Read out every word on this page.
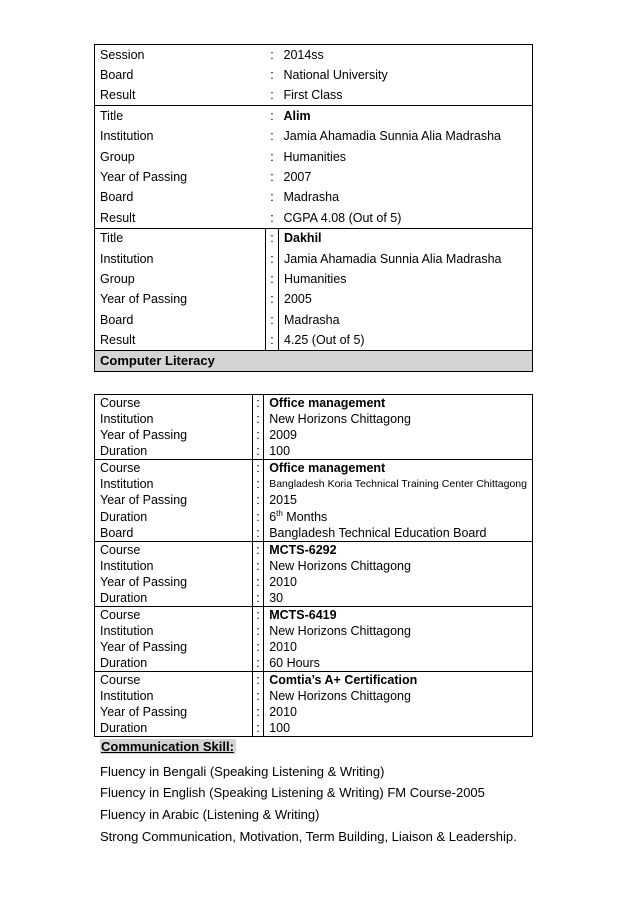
Session	:	2014ss
Board	:	National University
Result	:	First Class
Title	:	Alim
Institution	:	Jamia Ahamadia Sunnia Alia Madrasha
Group	:	Humanities
Year of Passing	:	2007
Board	:	Madrasha
Result	:	CGPA 4.08 (Out of 5)
Title	:	Dakhil
Institution	:	Jamia Ahamadia Sunnia Alia Madrasha
Group	:	Humanities
Year of Passing	:	2005
Board	:	Madrasha
Result	:	4.25 (Out of 5)
Computer Literacy		
Course	:	Office management
Institution	:	New Horizons Chittagong
Year of Passing	:	2009
Duration	:	100
Course	:	Office management
Institution	:	Bangladesh Koria Technical Training Center Chittagong
Year of Passing	:	2015
Duration	:	6th Months
Board	:	Bangladesh Technical Education Board
Course	:	MCTS-6292
Institution	:	New Horizons Chittagong
Year of Passing	:	2010
Duration	:	30
Course	:	MCTS-6419
Institution	:	New Horizons Chittagong
Year of Passing	:	2010
Duration	:	60 Hours
Course	:	Comtia’s A+ Certification
Institution	:	New Horizons Chittagong
Year of Passing	:	2010
Duration	:	100
Communication Skill:
Fluency in Bengali (Speaking Listening & Writing)
Fluency in English (Speaking Listening & Writing) FM Course-2005
Fluency in Arabic (Listening & Writing)
Strong Communication, Motivation, Term Building, Liaison & Leadership.
